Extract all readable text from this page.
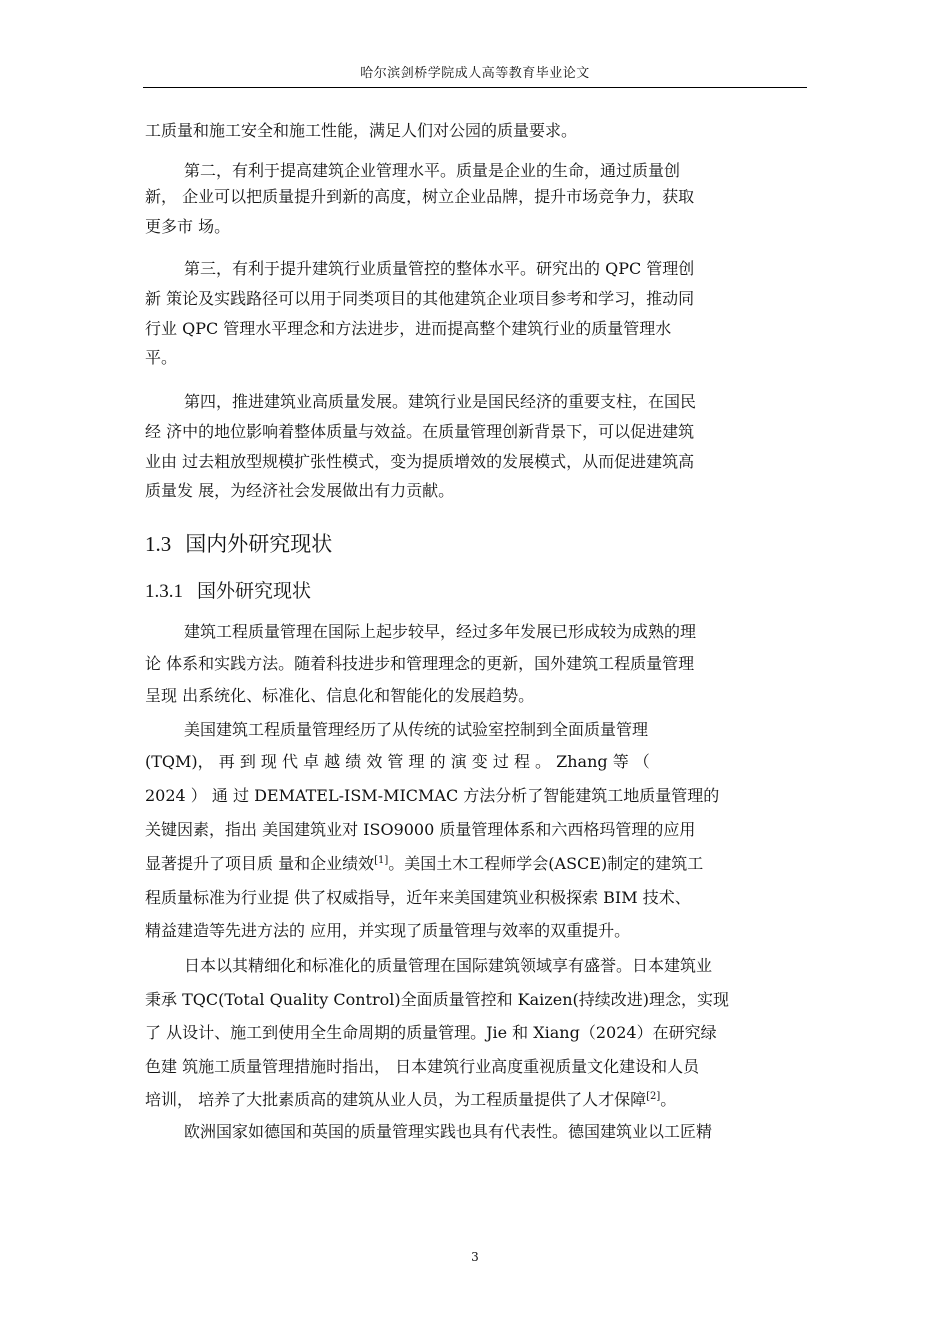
哈尔滨剑桥学院成人高等教育毕业论文
工质量和施工安全和施工性能，满足人们对公园的质量要求。
第二，有利于提高建筑企业管理水平。质量是企业的生命，通过质量创
新， 企业可以把质量提升到新的高度，树立企业品牌，提升市场竞争力，获取
更多市 场。
第三，有利于提升建筑行业质量管控的整体水平。研究出的 QPC 管理创
新 策论及实践路径可以用于同类项目的其他建筑企业项目参考和学习，推动同
行业 QPC 管理水平理念和方法进步，进而提高整个建筑行业的质量管理水
平。
第四，推进建筑业高质量发展。建筑行业是国民经济的重要支柱，在国民
经 济中的地位影响着整体质量与效益。在质量管理创新背景下，可以促进建筑
业由 过去粗放型规模扩张性模式，变为提质增效的发展模式，从而促进建筑高
质量发 展，为经济社会发展做出有力贡献。
1.3 国内外研究现状
1.3.1 国外研究现状
建筑工程质量管理在国际上起步较早，经过多年发展已形成较为成熟的理
论 体系和实践方法。随着科技进步和管理理念的更新，国外建筑工程质量管理
呈现 出系统化、标准化、信息化和智能化的发展趋势。
美国建筑工程质量管理经历了从传统的试验室控制到全面质量管理
(TQM)， 再 到 现 代 卓 越 绩 效 管 理 的 演 变 过 程 。 Zhang 等 （
2024 ） 通 过 DEMATEL-ISM-MICMAC 方法分析了智能建筑工地质量管理的
关键因素，指出 美国建筑业对 ISO9000 质量管理体系和六西格玛管理的应用
显著提升了项目质 量和企业绩效[1]。美国土木工程师学会(ASCE)制定的建筑工
程质量标准为行业提 供了权威指导，近年来美国建筑业积极探索 BIM 技术、
精益建造等先进方法的 应用，并实现了质量管理与效率的双重提升。
日本以其精细化和标准化的质量管理在国际建筑领域享有盛誉。日本建筑业
秉承 TQC(Total Quality Control)全面质量管控和 Kaizen(持续改进)理念，实现
了 从设计、施工到使用全生命周期的质量管理。Jie 和 Xiang（2024）在研究绿
色建 筑施工质量管理措施时指出， 日本建筑行业高度重视质量文化建设和人员
培训， 培养了大批素质高的建筑从业人员，为工程质量提供了人才保障[2]。
欧洲国家如德国和英国的质量管理实践也具有代表性。德国建筑业以工匠精
3
